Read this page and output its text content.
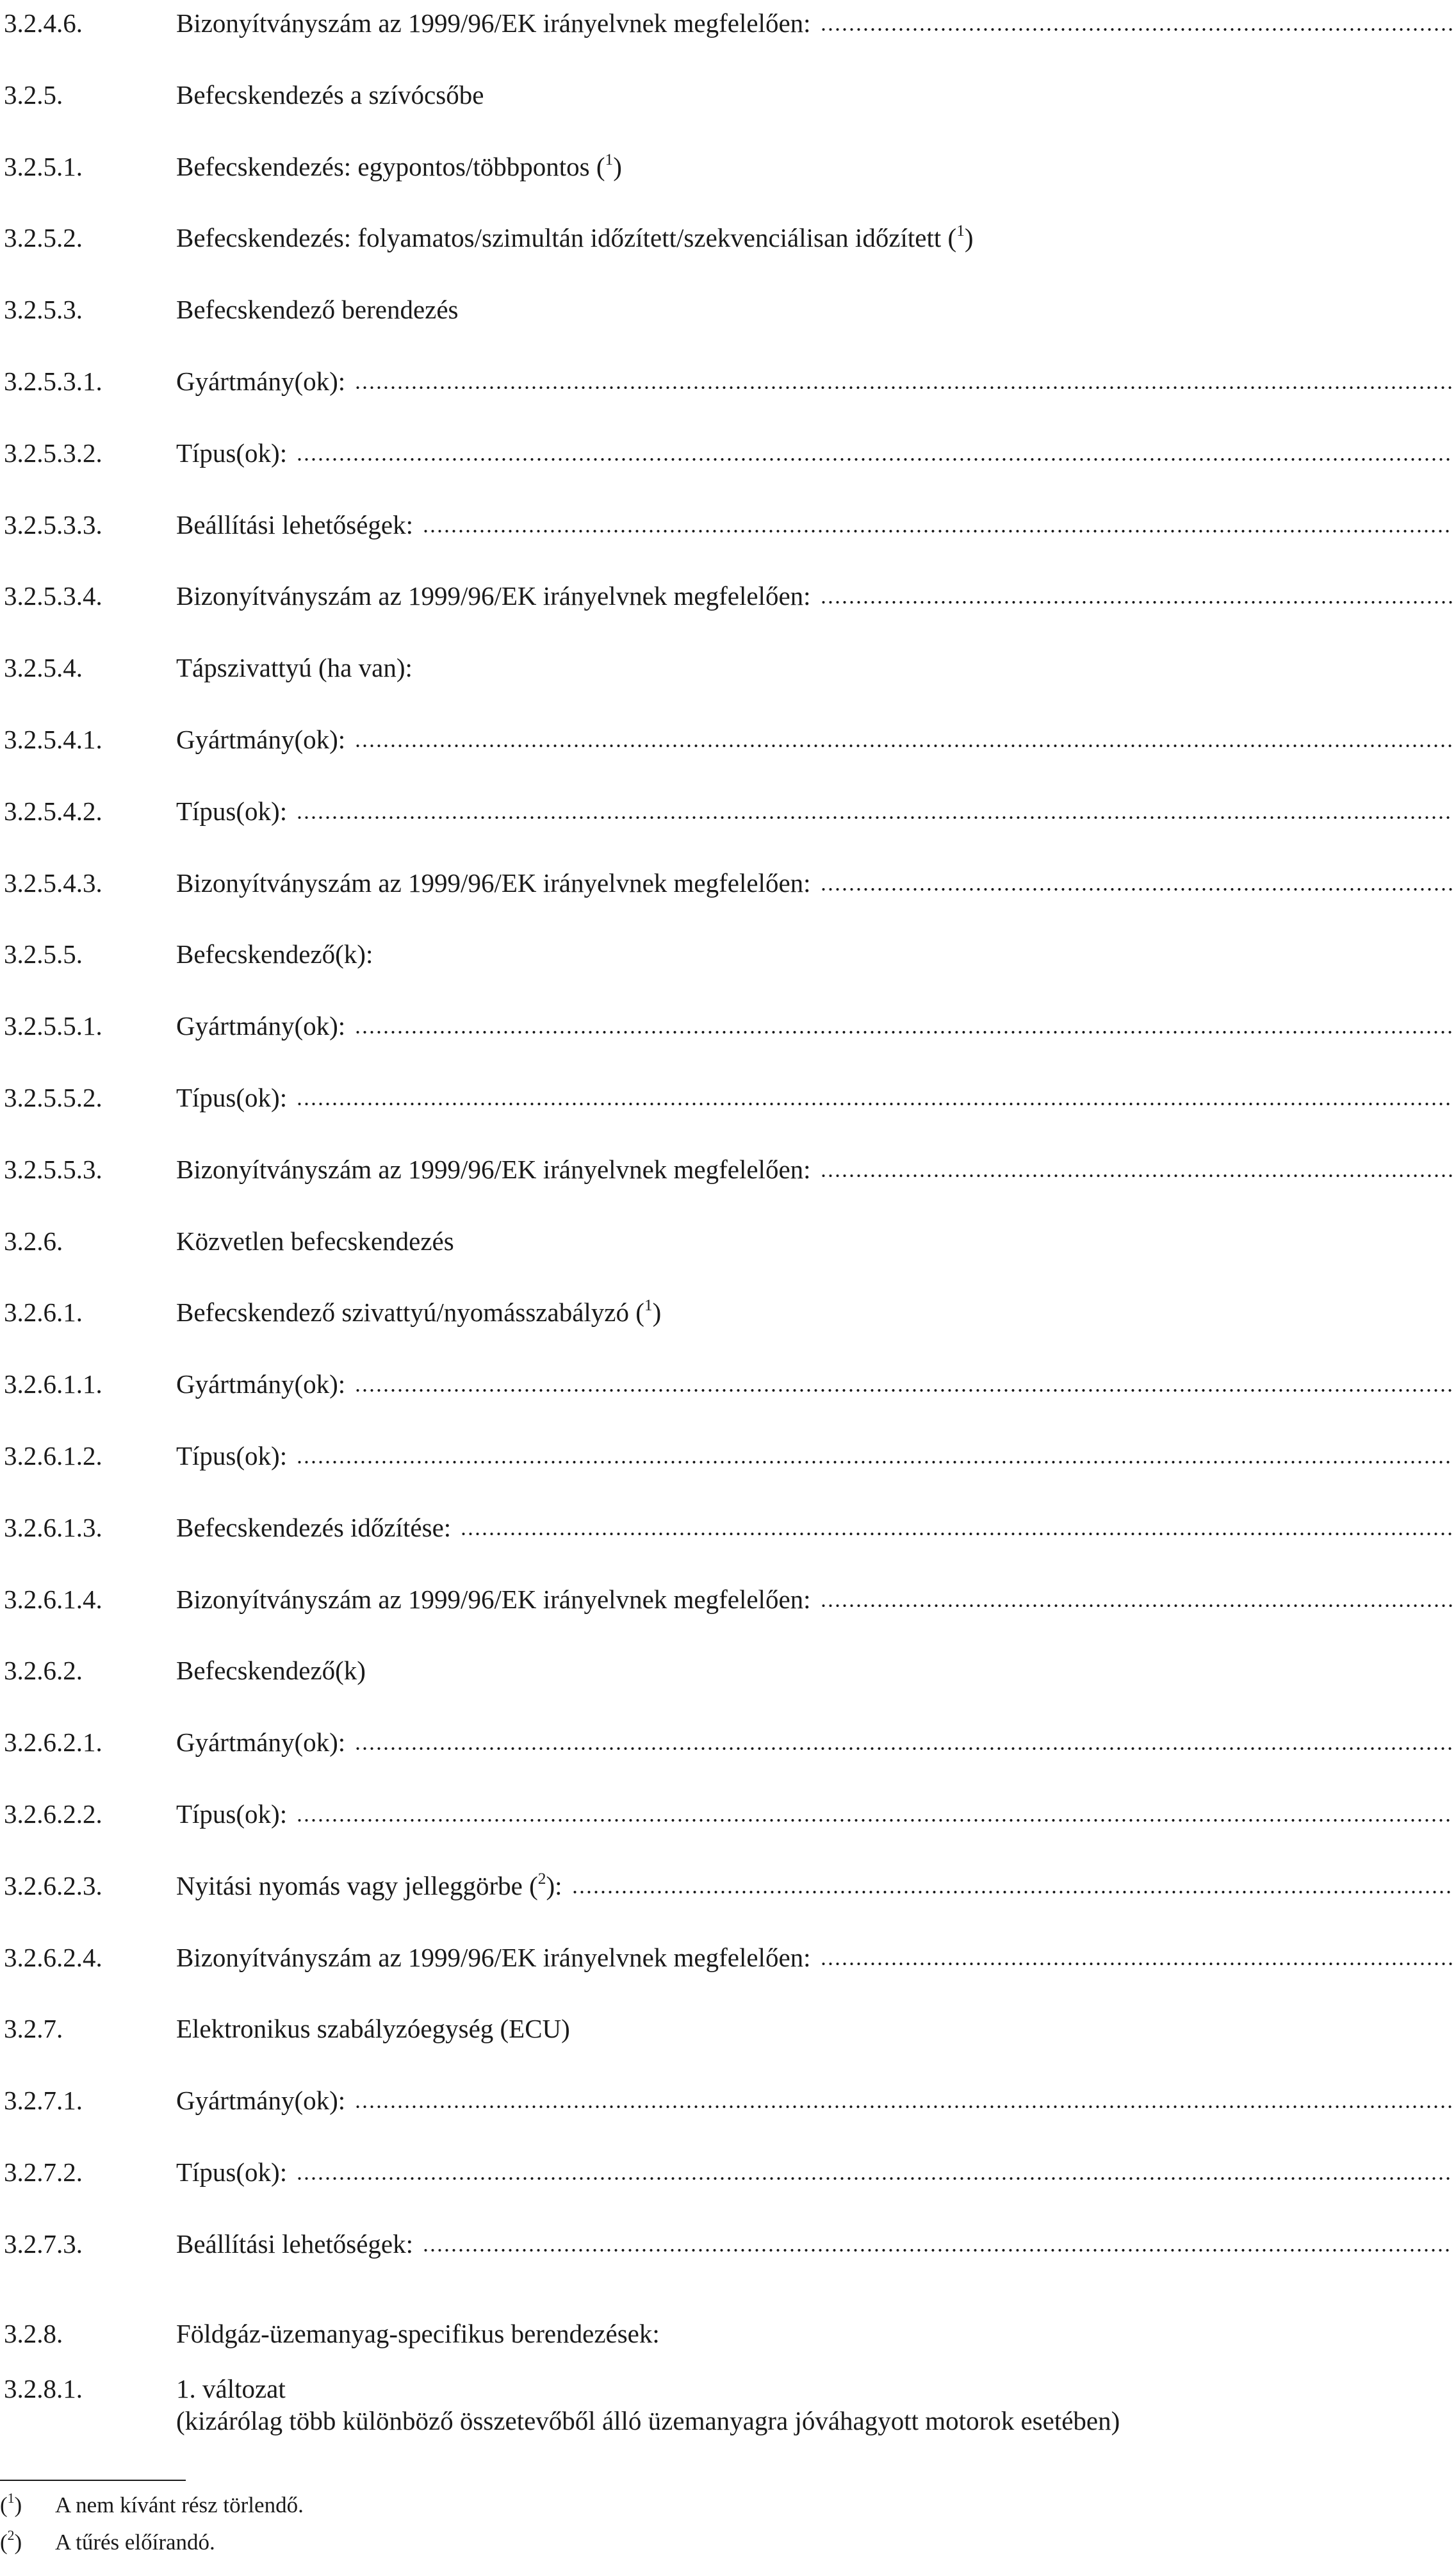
3.2.4.6.	Bizonyítványszám az 1999/96/EK irányelvnek megfelelően:
3.2.5.	Befecskendezés a szívócsőbe
3.2.5.1.	Befecskendezés: egypontos/többpontos ($^1$)
3.2.5.2.	Befecskendezés: folyamatos/szimultán időzített/szekvenciálisan időzített ($^1$)
3.2.5.3.	Befecskendező berendezés
3.2.5.3.1.	Gyártmány(ok):
3.2.5.3.2.	Típus(ok):
3.2.5.3.3.	Beállítási lehetőségek:
3.2.5.3.4.	Bizonyítványszám az 1999/96/EK irányelvnek megfelelően:
3.2.5.4.	Tápszivattyú (ha van):
3.2.5.4.1.	Gyártmány(ok):
3.2.5.4.2.	Típus(ok):
3.2.5.4.3.	Bizonyítványszám az 1999/96/EK irányelvnek megfelelően:
3.2.5.5.	Befecskendező(k):
3.2.5.5.1.	Gyártmány(ok):
3.2.5.5.2.	Típus(ok):
3.2.5.5.3.	Bizonyítványszám az 1999/96/EK irányelvnek megfelelően:
3.2.6.	Közvetlen befecskendezés
3.2.6.1.	Befecskendező szivattyú/nyomásszabályzó ($^1$)
3.2.6.1.1.	Gyártmány(ok):
3.2.6.1.2.	Típus(ok):
3.2.6.1.3.	Befecskendezés időzítése:
3.2.6.1.4.	Bizonyítványszám az 1999/96/EK irányelvnek megfelelően:
3.2.6.2.	Befecskendező(k)
3.2.6.2.1.	Gyártmány(ok):
3.2.6.2.2.	Típus(ok):
3.2.6.2.3.	Nyitási nyomás vagy jelleggörbe ($^2$):
3.2.6.2.4.	Bizonyítványszám az 1999/96/EK irányelvnek megfelelően:
3.2.7.	Elektronikus szabályzóegység (ECU)
3.2.7.1.	Gyártmány(ok):
3.2.7.2.	Típus(ok):
3.2.7.3.	Beállítási lehetőségek:
3.2.8.	Földgáz-üzemanyag-specifikus berendezések:
3.2.8.1.	1. változat
(kizárólag több különböző összetevőből álló üzemanyagra jóváhagyott motorok esetében)
($^1$)	A nem kívánt rész törlendő.
($^2$)	A tűrés előírandó.
